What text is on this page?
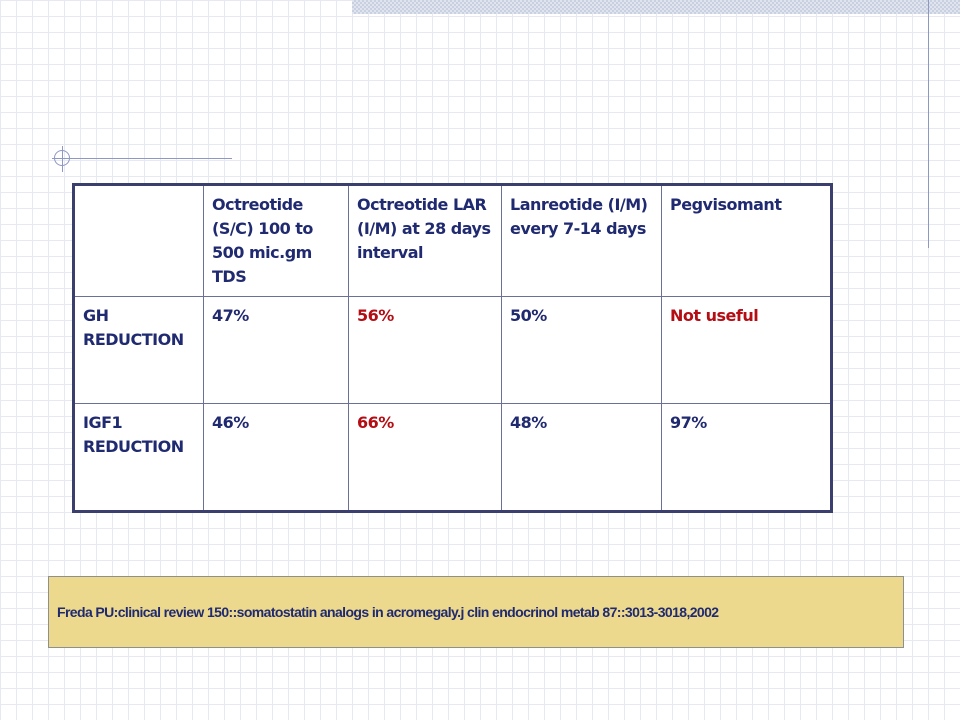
	Octreotide (S/C) 100 to 500 mic.gm TDS	Octreotide LAR (I/M) at 28 days interval	Lanreotide (I/M) every 7-14 days	Pegvisomant

GH REDUCTION	47%	56%	50%	Not useful

IGF1 REDUCTION	46%	66%	48%	97%
Freda PU:clinical review 150::somatostatin analogs in acromegaly.j clin endocrinol metab 87::3013-3018,2002
